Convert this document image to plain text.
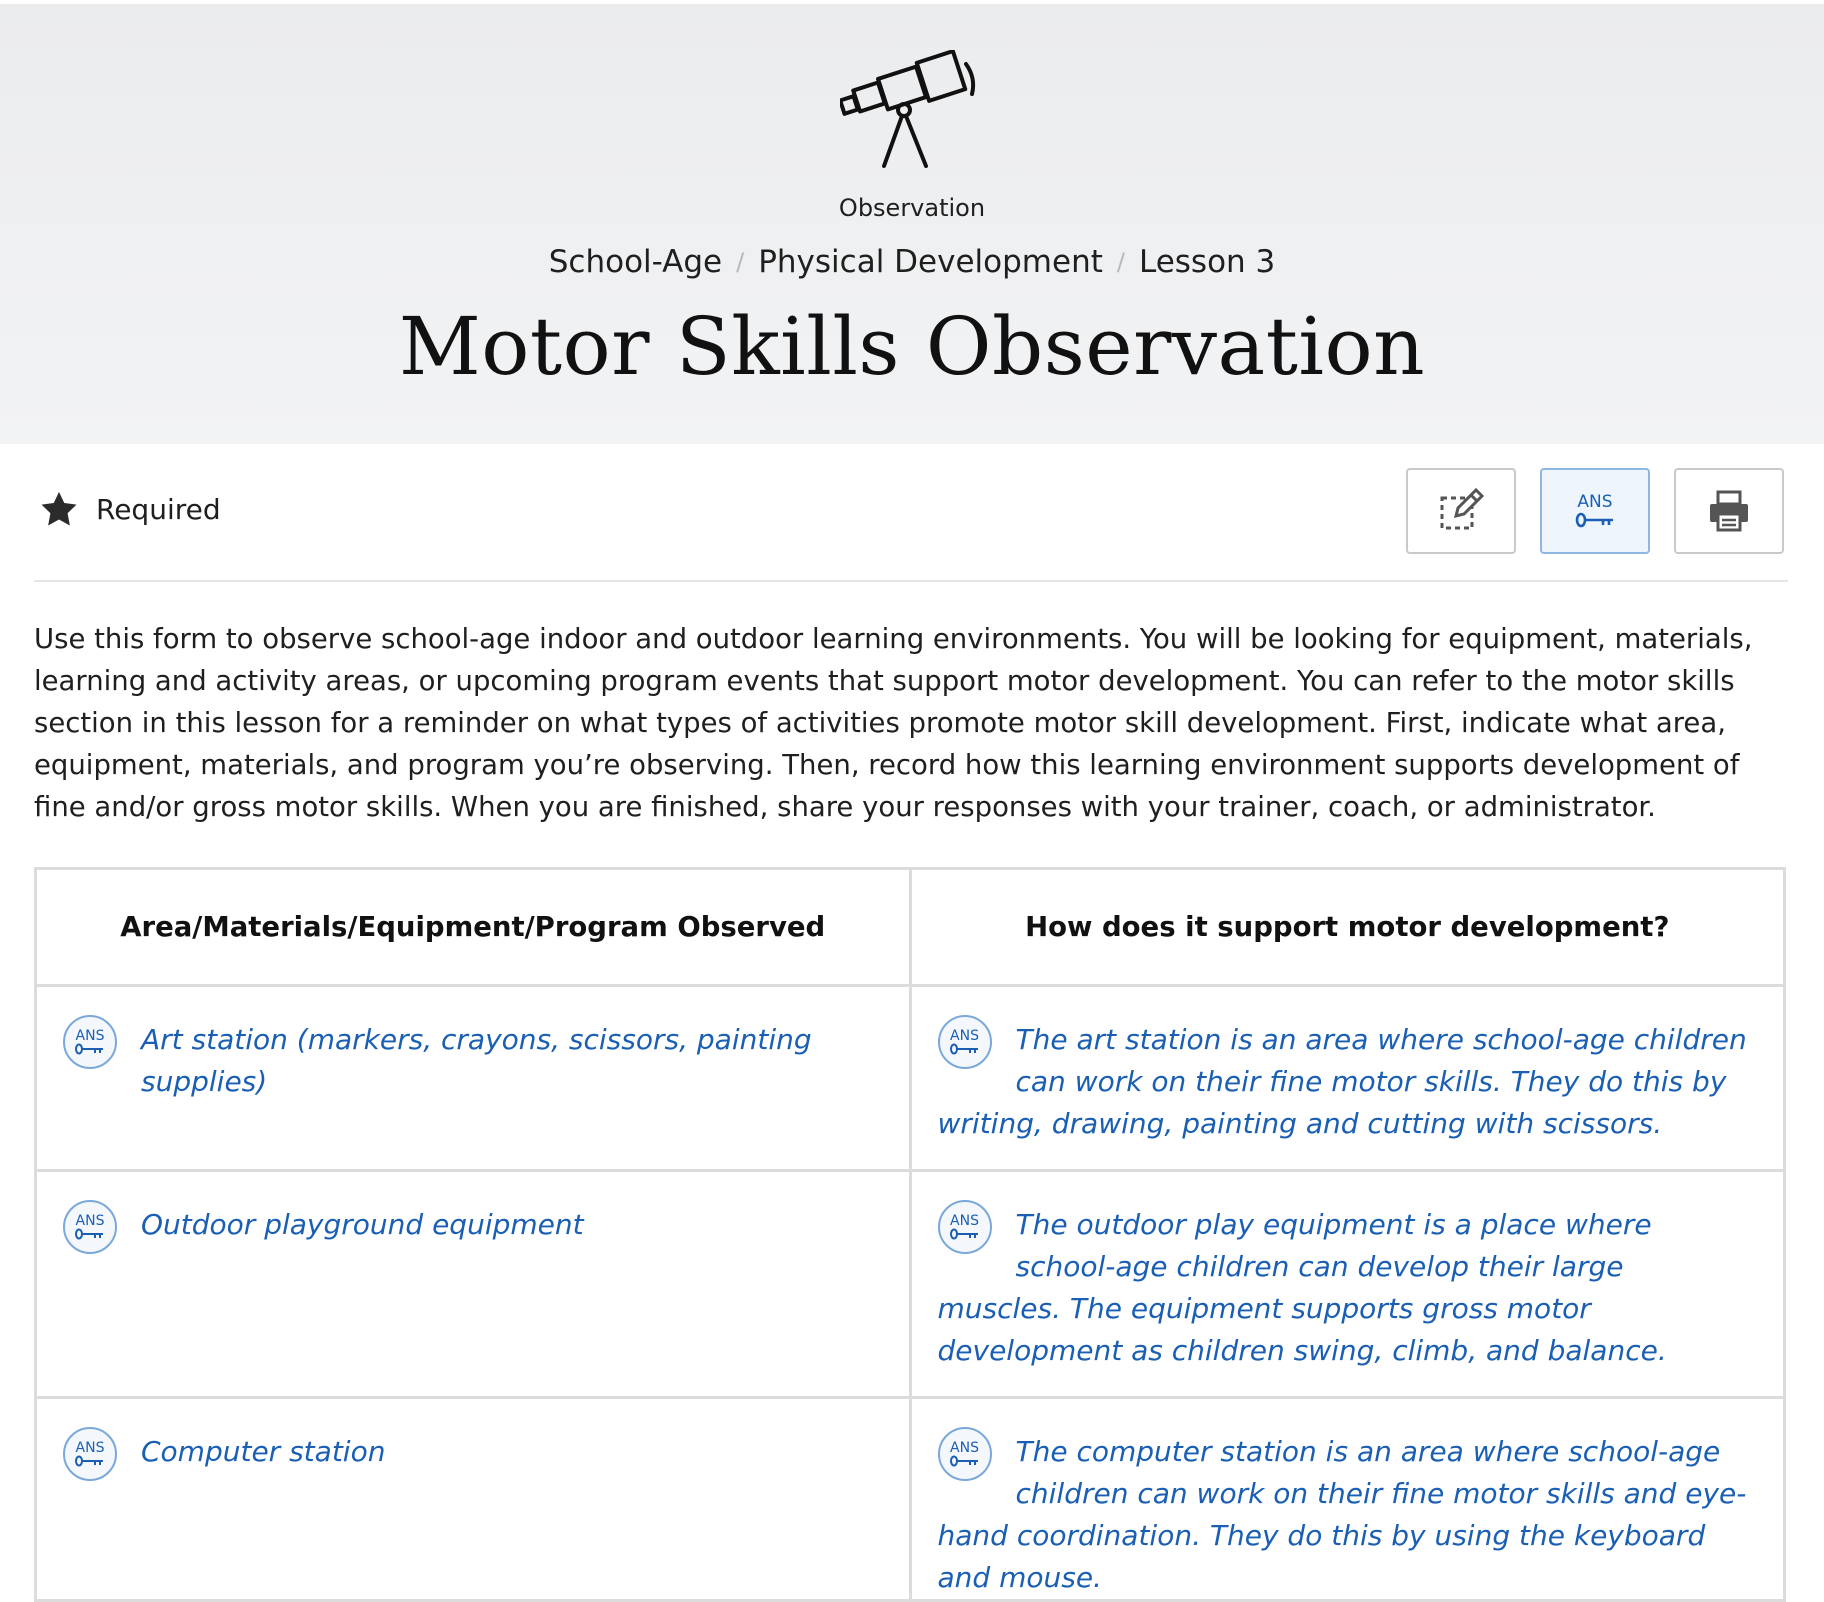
Observation
School-Age / Physical Development / Lesson 3
Motor Skills Observation
Required	ANS
Use this form to observe school-age indoor and outdoor learning environments. You will be looking for equipment, materials, learning and activity areas, or upcoming program events that support motor development. You can refer to the motor skills section in this lesson for a reminder on what types of activities promote motor skill development. First, indicate what area, equipment, materials, and program you’re observing. Then, record how this learning environment supports development of fine and/or gross motor skills. When you are finished, share your responses with your trainer, coach, or administrator.
Area/Materials/Equipment/Program Observed	How does it support motor development?

ANS Art station (markers, crayons, scissors, painting supplies)	ANS The art station is an area where school-age children can work on their fine motor skills. They do this by writing, drawing, painting and cutting with scissors.

ANS Outdoor playground equipment	ANS The outdoor play equipment is a place where school-age children can develop their large muscles. The equipment supports gross motor development as children swing, climb, and balance.

ANS Computer station	ANS The computer station is an area where school-age children can work on their fine motor skills and eye-hand coordination. They do this by using the keyboard and mouse.
